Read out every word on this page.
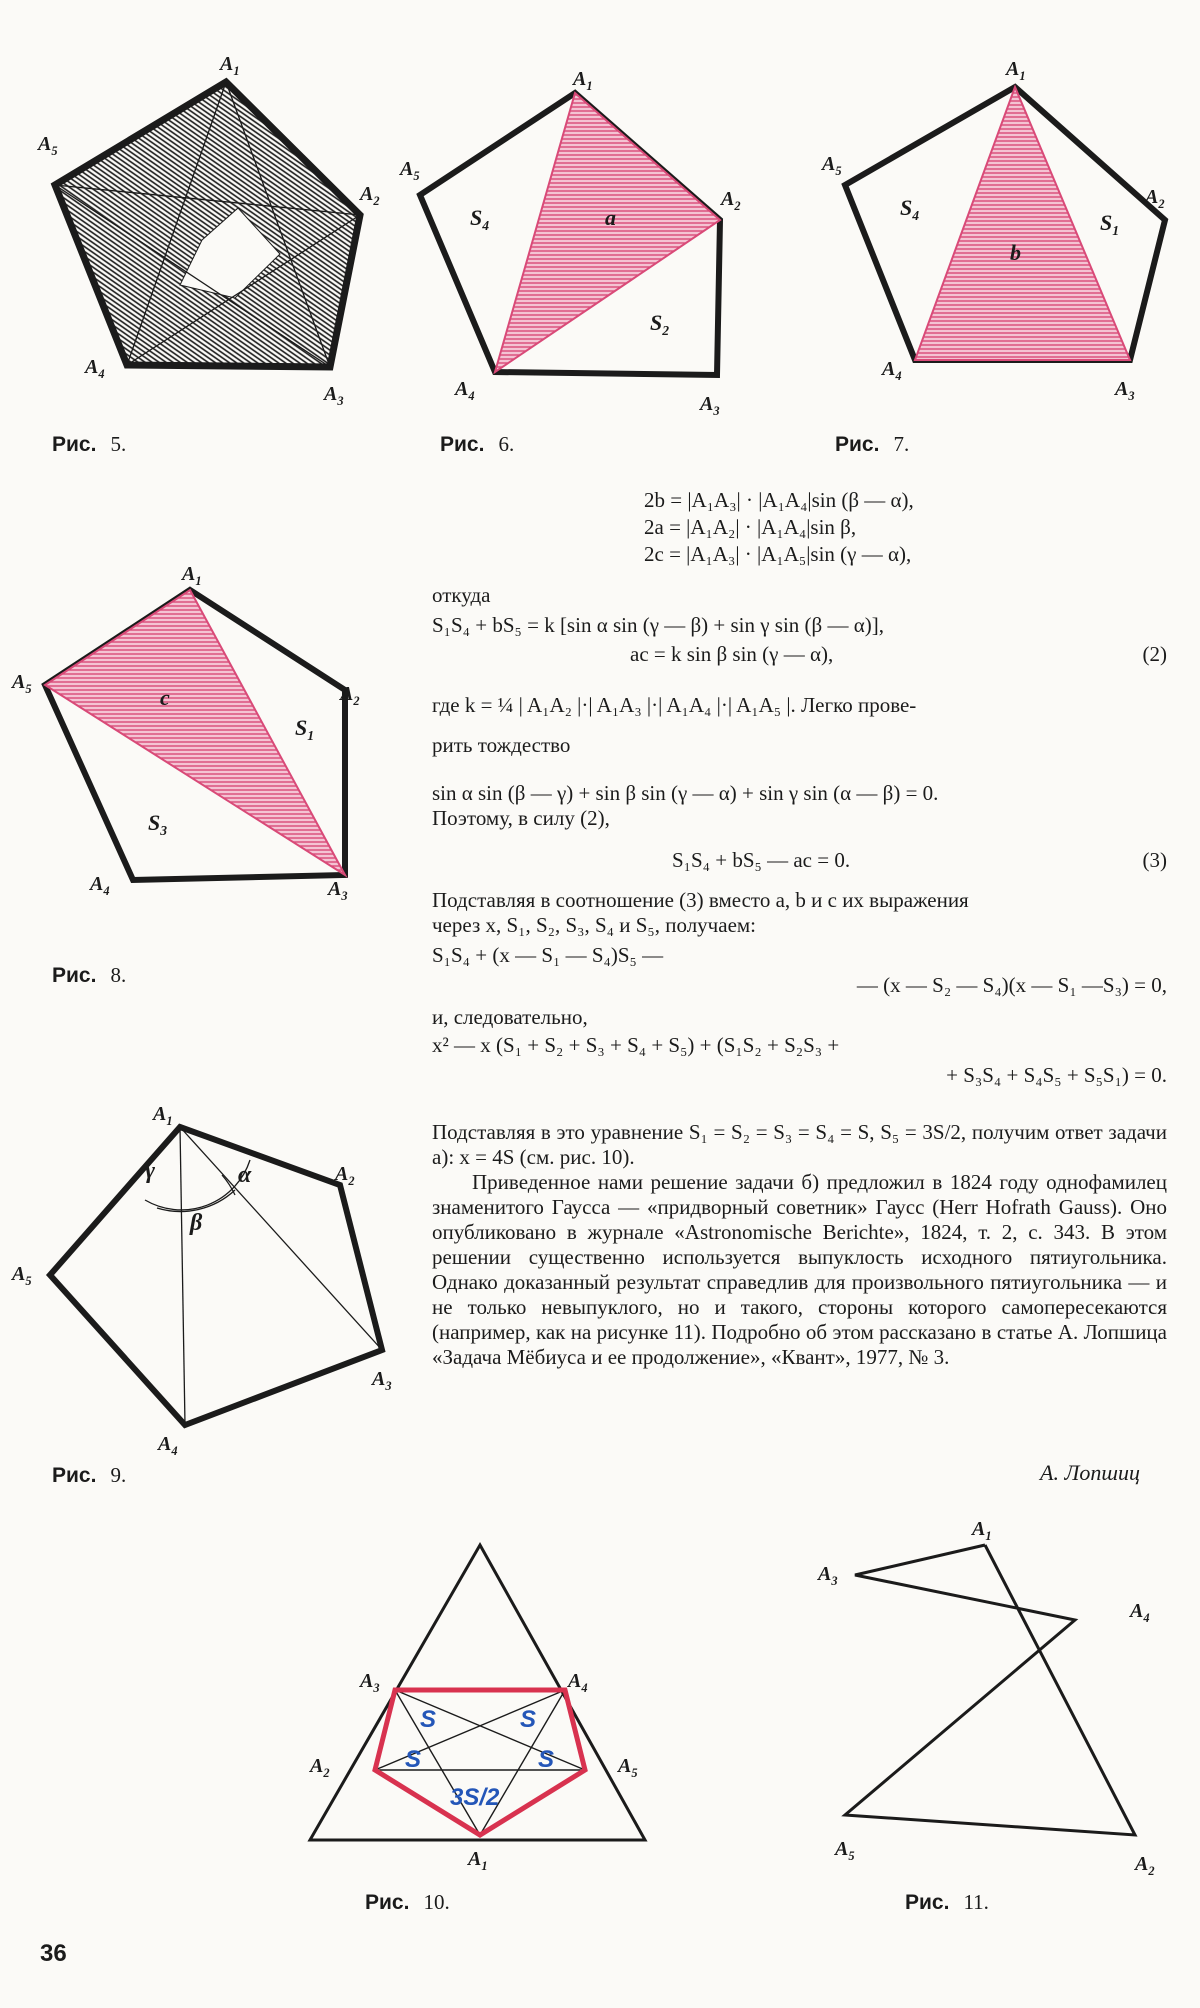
$A_1$
$A_2$
$A_3$
$A_4$
$A_5$
Рис. 5.
a
$S_4$
$S_2$
$A_1$
$A_2$
$A_3$
$A_4$
$A_5$
Рис. 6.
b
$S_4$	$S_1$
$A_1$
$A_2$
$A_3$
$A_4$
$A_5$
Рис. 7.
c
$S_1$
$S_3$
$A_1$
$A_2$
$A_3$
$A_4$
$A_5$
Рис. 8.
γ
β
α
$A_1$
$A_2$
$A_3$
$A_4$
$A_5$
Рис. 9.
S	S
S	S
3S/2
$A_3$	$A_4$
$A_2$	$A_5$
$A_1$
Рис. 10.
$A_1$
$A_2$
$A_3$
$A_4$
$A_5$
Рис. 11.
2b = |A₁A₃| · |A₁A₄|sin (β — α),
2a = |A₁A₂| · |A₁A₄|sin β,
2c = |A₁A₃| · |A₁A₅|sin (γ — α),
откуда
S₁S₄ + bS₅ = k [sin α sin (γ — β) + sin γ sin (β — α)],
ac = k sin β sin (γ — α),	(2)
где k = ¼ | A₁A₂ |·| A₁A₃ |·| A₁A₄ |·| A₁A₅ |. Легко прове-
рить тождество
sin α sin (β — γ) + sin β sin (γ — α) + sin γ sin (α — β) = 0.
Поэтому, в силу (2),
S₁S₄ + bS₅ — ac = 0.	(3)
Подставляя в соотношение (3) вместо a, b и c их выражения
через x, S₁, S₂, S₃, S₄ и S₅, получаем:
S₁S₄ + (x — S₁ — S₄)S₅ —
— (x — S₂ — S₄)(x — S₁ —S₃) = 0,
и, следовательно,
x² — x (S₁ + S₂ + S₃ + S₄ + S₅) + (S₁S₂ + S₂S₃ +
+ S₃S₄ + S₄S₅ + S₅S₁) = 0.
Подставляя в это уравнение S₁ = S₂ = S₃ = S₄ = S, S₅ = 3S/2, получим ответ задачи а): x = 4S (см. рис. 10).
Приведенное нами решение задачи б) предложил в 1824 году однофамилец знаменитого Гаусса — «придворный советник» Гаусс (Herr Hofrath Gauss). Оно опубликовано в журнале «Astronomische Berichte», 1824, т. 2, с. 343. В этом решении существенно используется выпуклость исходного пятиугольника. Однако доказанный результат справедлив для произвольного пятиугольника — и не только невыпуклого, но и такого, стороны которого самопересекаются (например, как на рисунке 11). Подробно об этом рассказано в статье А. Лопшица «Задача Мёбиуса и ее продолжение», «Квант», 1977, № 3.
А. Лопшиц
36
